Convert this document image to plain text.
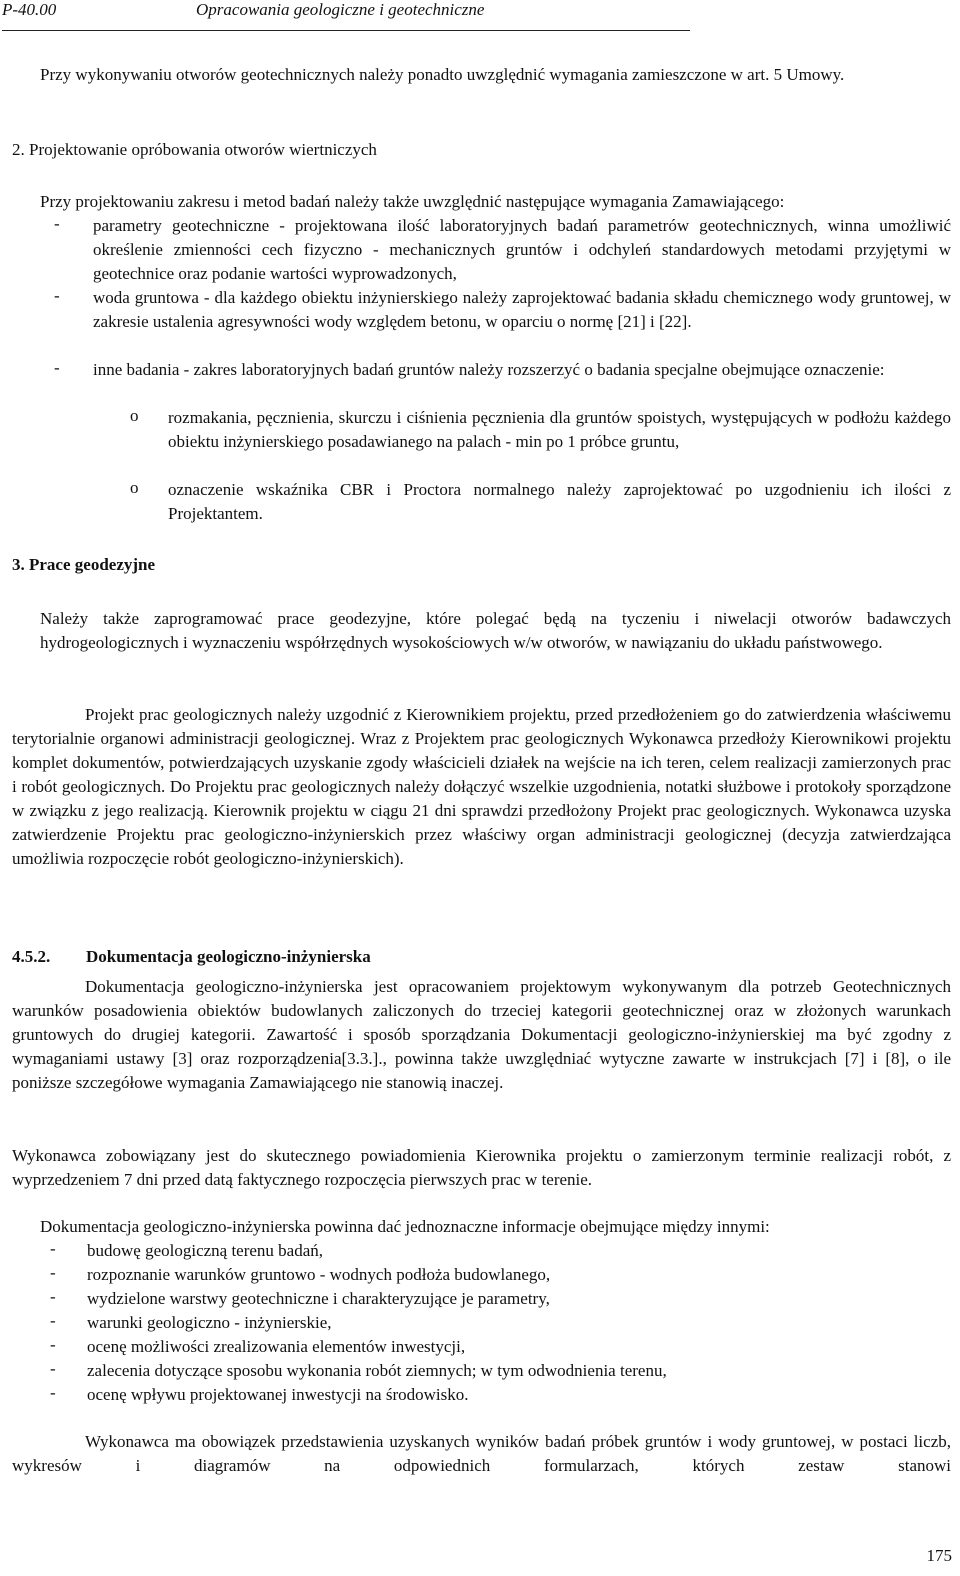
P-40.00	Opracowania geologiczne i geotechniczne
Przy wykonywaniu otworów geotechnicznych należy ponadto uwzględnić wymagania zamieszczone w art. 5 Umowy.
2. Projektowanie opróbowania otworów wiertniczych
Przy projektowaniu zakresu i metod badań należy także uwzględnić następujące wymagania Zamawiającego:
- parametry geotechniczne - projektowana ilość laboratoryjnych badań parametrów geotechnicznych, winna umożliwić określenie zmienności cech fizyczno - mechanicznych gruntów i odchyleń standardowych metodami przyjętymi w geotechnice oraz podanie wartości wyprowadzonych,
- woda gruntowa - dla każdego obiektu inżynierskiego należy zaprojektować badania składu chemicznego wody gruntowej, w zakresie ustalenia agresywności wody względem betonu, w oparciu o normę [21] i [22].
- inne badania - zakres laboratoryjnych badań gruntów należy rozszerzyć o badania specjalne obejmujące oznaczenie:
o rozmakania, pęcznienia, skurczu i ciśnienia pęcznienia dla gruntów spoistych, występujących w podłożu każdego obiektu inżynierskiego posadawianego na palach - min po 1 próbce gruntu,
o oznaczenie wskaźnika CBR i Proctora normalnego należy zaprojektować po uzgodnieniu ich ilości z Projektantem.
3. Prace geodezyjne
Należy także zaprogramować prace geodezyjne, które polegać będą na tyczeniu i niwelacji otworów badawczych hydrogeologicznych i wyznaczeniu współrzędnych wysokościowych w/w otworów, w nawiązaniu do układu państwowego.
Projekt prac geologicznych należy uzgodnić z Kierownikiem projektu, przed przedłożeniem go do zatwierdzenia właściwemu terytorialnie organowi administracji geologicznej. Wraz z Projektem prac geologicznych Wykonawca przedłoży Kierownikowi projektu komplet dokumentów, potwierdzających uzyskanie zgody właścicieli działek na wejście na ich teren, celem realizacji zamierzonych prac i robót geologicznych. Do Projektu prac geologicznych należy dołączyć wszelkie uzgodnienia, notatki służbowe i protokoły sporządzone w związku z jego realizacją. Kierownik projektu w ciągu 21 dni sprawdzi przedłożony Projekt prac geologicznych. Wykonawca uzyska zatwierdzenie Projektu prac geologiczno-inżynierskich przez właściwy organ administracji geologicznej (decyzja zatwierdzająca umożliwia rozpoczęcie robót geologiczno-inżynierskich).
4.5.2. Dokumentacja geologiczno-inżynierska
Dokumentacja geologiczno-inżynierska jest opracowaniem projektowym wykonywanym dla potrzeb Geotechnicznych warunków posadowienia obiektów budowlanych zaliczonych do trzeciej kategorii geotechnicznej oraz w złożonych warunkach gruntowych do drugiej kategorii. Zawartość i sposób sporządzania Dokumentacji geologiczno-inżynierskiej ma być zgodny z wymaganiami ustawy [3] oraz rozporządzenia[3.3.]., powinna także uwzględniać wytyczne zawarte w instrukcjach [7] i [8], o ile poniższe szczegółowe wymagania Zamawiającego nie stanowią inaczej.
Wykonawca zobowiązany jest do skutecznego powiadomienia Kierownika projektu o zamierzonym terminie realizacji robót, z wyprzedzeniem 7 dni przed datą faktycznego rozpoczęcia pierwszych prac w terenie.
Dokumentacja geologiczno-inżynierska powinna dać jednoznaczne informacje obejmujące między innymi:
- budowę geologiczną terenu badań,
- rozpoznanie warunków gruntowo - wodnych podłoża budowlanego,
- wydzielone warstwy geotechniczne i charakteryzujące je parametry,
- warunki geologiczno - inżynierskie,
- ocenę możliwości zrealizowania elementów inwestycji,
- zalecenia dotyczące sposobu wykonania robót ziemnych; w tym odwodnienia terenu,
- ocenę wpływu projektowanej inwestycji na środowisko.
Wykonawca ma obowiązek przedstawienia uzyskanych wyników badań próbek gruntów i wody gruntowej, w postaci liczb, wykresów i diagramów na odpowiednich formularzach, których zestaw stanowi
175
